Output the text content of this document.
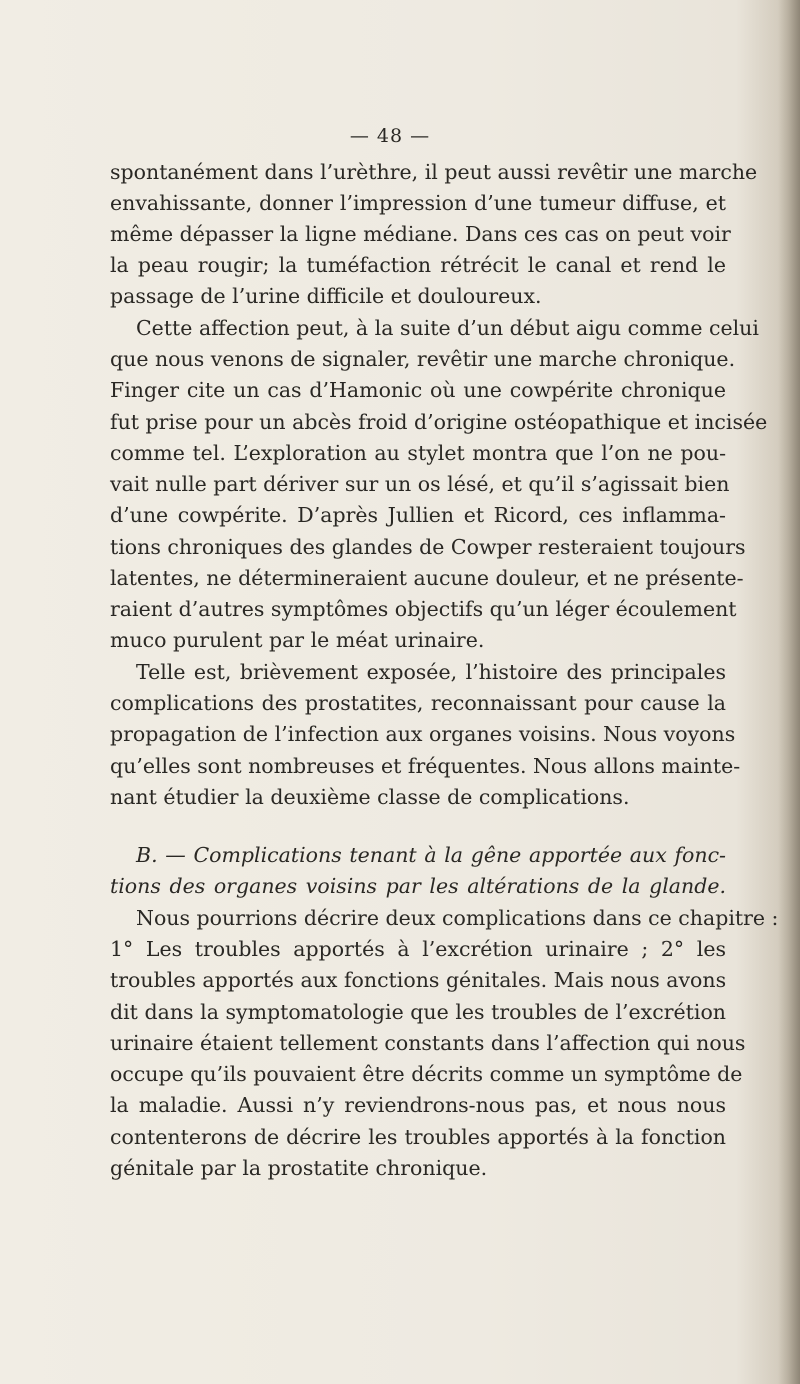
— 48 —

spontanément dans l’urèthre, il peut aussi revêtir une marche

envahissante, donner l’impression d’une tumeur diffuse, et

même dépasser la ligne médiane. Dans ces cas on peut voir

la peau rougir; la tuméfaction rétrécit le canal et rend le

passage de l’urine difficile et douloureux.

Cette affection peut, à la suite d’un début aigu comme celui

que nous venons de signaler, revêtir une marche chronique.

Finger cite un cas d’Hamonic où une cowpérite chronique

fut prise pour un abcès froid d’origine ostéopathique et incisée

comme tel. L’exploration au stylet montra que l’on ne pou-

vait nulle part dériver sur un os lésé, et qu’il s’agissait bien

d’une cowpérite. D’après Jullien et Ricord, ces inflamma-

tions chroniques des glandes de Cowper resteraient toujours

latentes, ne détermineraient aucune douleur, et ne présente-

raient d’autres symptômes objectifs qu’un léger écoulement

muco purulent par le méat urinaire.

Telle est, brièvement exposée, l’histoire des principales

complications des prostatites, reconnaissant pour cause la

propagation de l’infection aux organes voisins. Nous voyons

qu’elles sont nombreuses et fréquentes. Nous allons mainte-

nant étudier la deuxième classe de complications.

B. — Complications tenant à la gêne apportée aux fonc-

tions des organes voisins par les altérations de la glande.

Nous pourrions décrire deux complications dans ce chapitre :

1° Les troubles apportés à l’excrétion urinaire ; 2° les

troubles apportés aux fonctions génitales. Mais nous avons

dit dans la symptomatologie que les troubles de l’excrétion

urinaire étaient tellement constants dans l’affection qui nous

occupe qu’ils pouvaient être décrits comme un symptôme de

la maladie. Aussi n’y reviendrons-nous pas, et nous nous

contenterons de décrire les troubles apportés à la fonction

génitale par la prostatite chronique.
